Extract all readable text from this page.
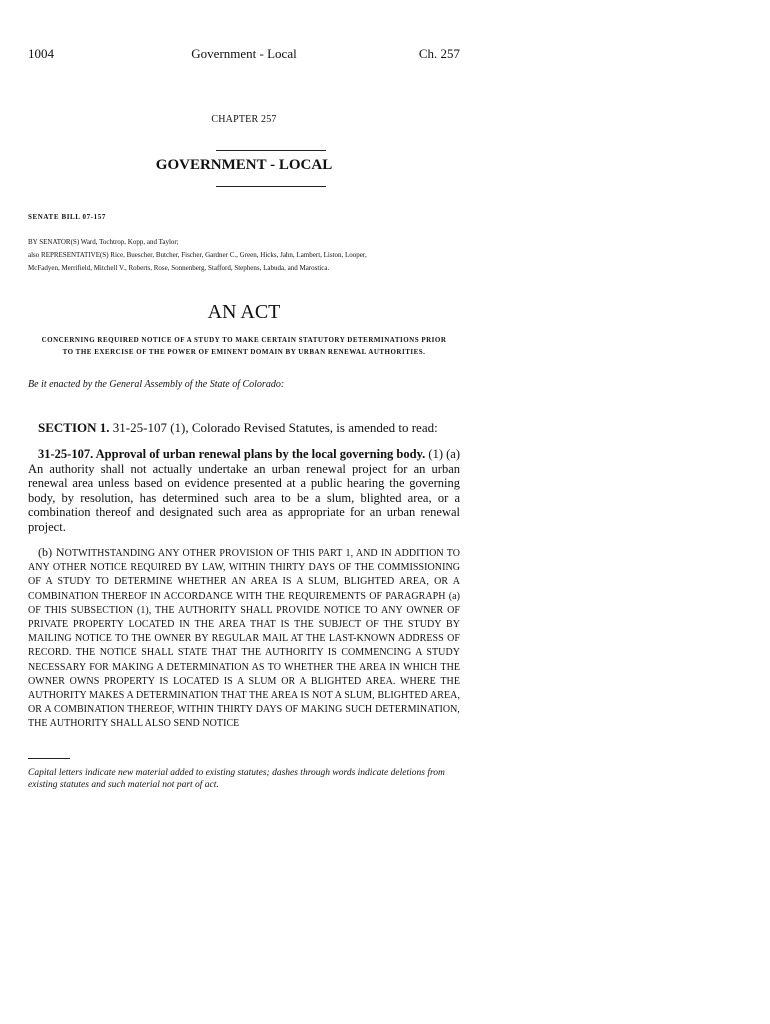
1004	Government - Local	Ch. 257
CHAPTER 257
GOVERNMENT - LOCAL
SENATE BILL 07-157
BY SENATOR(S) Ward, Tochtrop, Kopp, and Taylor;
also REPRESENTATIVE(S) Rice, Buescher, Butcher, Fischer, Gardner C., Green, Hicks, Jahn, Lambert, Liston, Looper,
McFadyen, Merrifield, Mitchell V., Roberts, Rose, Sonnenberg, Stafford, Stephens, Labuda, and Marostica.
AN ACT
CONCERNING REQUIRED NOTICE OF A STUDY TO MAKE CERTAIN STATUTORY DETERMINATIONS PRIOR
TO THE EXERCISE OF THE POWER OF EMINENT DOMAIN BY URBAN RENEWAL AUTHORITIES.
Be it enacted by the General Assembly of the State of Colorado:
SECTION 1. 31-25-107 (1), Colorado Revised Statutes, is amended to read:
31-25-107. Approval of urban renewal plans by the local governing body. (1) (a) An authority shall not actually undertake an urban renewal project for an urban renewal area unless based on evidence presented at a public hearing the governing body, by resolution, has determined such area to be a slum, blighted area, or a combination thereof and designated such area as appropriate for an urban renewal project.
(b) NOTWITHSTANDING ANY OTHER PROVISION OF THIS PART 1, AND IN ADDITION TO ANY OTHER NOTICE REQUIRED BY LAW, WITHIN THIRTY DAYS OF THE COMMISSIONING OF A STUDY TO DETERMINE WHETHER AN AREA IS A SLUM, BLIGHTED AREA, OR A COMBINATION THEREOF IN ACCORDANCE WITH THE REQUIREMENTS OF PARAGRAPH (a) OF THIS SUBSECTION (1), THE AUTHORITY SHALL PROVIDE NOTICE TO ANY OWNER OF PRIVATE PROPERTY LOCATED IN THE AREA THAT IS THE SUBJECT OF THE STUDY BY MAILING NOTICE TO THE OWNER BY REGULAR MAIL AT THE LAST-KNOWN ADDRESS OF RECORD. THE NOTICE SHALL STATE THAT THE AUTHORITY IS COMMENCING A STUDY NECESSARY FOR MAKING A DETERMINATION AS TO WHETHER THE AREA IN WHICH THE OWNER OWNS PROPERTY IS LOCATED IS A SLUM OR A BLIGHTED AREA. WHERE THE AUTHORITY MAKES A DETERMINATION THAT THE AREA IS NOT A SLUM, BLIGHTED AREA, OR A COMBINATION THEREOF, WITHIN THIRTY DAYS OF MAKING SUCH DETERMINATION, THE AUTHORITY SHALL ALSO SEND NOTICE
Capital letters indicate new material added to existing statutes; dashes through words indicate deletions from existing statutes and such material not part of act.
